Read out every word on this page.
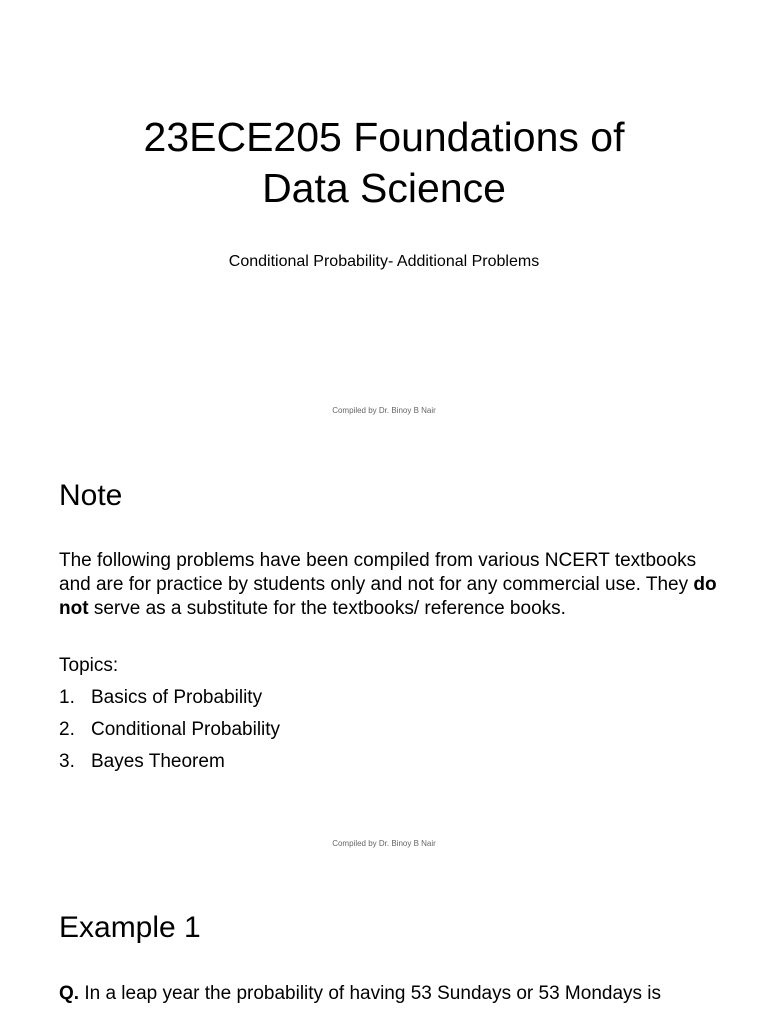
23ECE205 Foundations of
Data Science

Conditional Probability- Additional Problems

Compiled by Dr. Binoy B Nair
Note

The following problems have been compiled from various NCERT textbooks and are for practice by students only and not for any commercial use. They do not serve as a substitute for the textbooks/ reference books.

Topics:

1. Basics of Probability
2. Conditional Probability
3. Bayes Theorem
Compiled by Dr. Binoy B Nair
Example 1

Q. In a leap year the probability of having 53 Sundays or 53 Mondays is
